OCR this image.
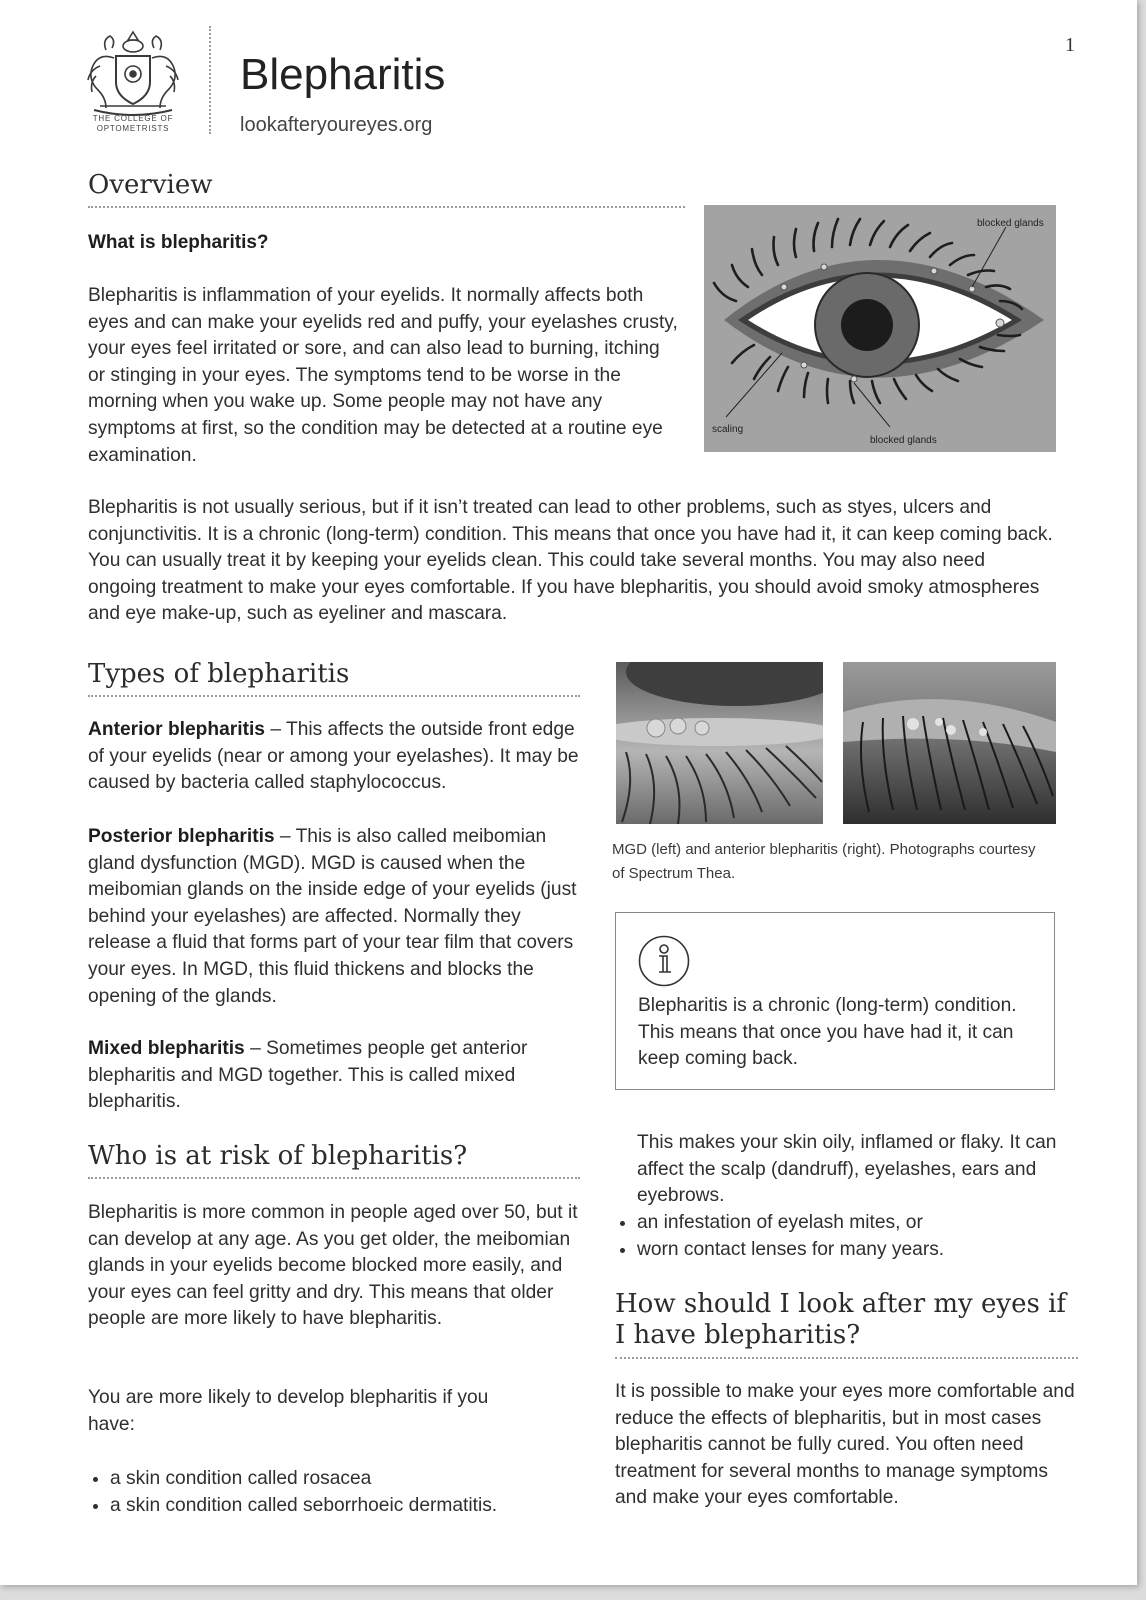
1
THE COLLEGE OF
OPTOMETRISTS
Blepharitis
lookafteryoureyes.org
Overview
What is blepharitis?

Blepharitis is inflammation of your eyelids. It normally affects both eyes and can make your eyelids red and puffy, your eyelashes crusty, your eyes feel irritated or sore, and can also lead to burning, itching or stinging in your eyes. The symptoms tend to be worse in the morning when you wake up. Some people may not have any symptoms at first, so the condition may be detected at a routine eye examination.

blocked glands
scaling
blocked glands

Blepharitis is not usually serious, but if it isn’t treated can lead to other problems, such as styes, ulcers and conjunctivitis. It is a chronic (long-term) condition. This means that once you have had it, it can keep coming back. You can usually treat it by keeping your eyelids clean. This could take several months. You may also need ongoing treatment to make your eyes comfortable. If you have blepharitis, you should avoid smoky atmospheres and eye make-up, such as eyeliner and mascara.

Types of blepharitis

Anterior blepharitis – This affects the outside front edge of your eyelids (near or among your eyelashes). It may be caused by bacteria called staphylococcus.

Posterior blepharitis – This is also called meibomian gland dysfunction (MGD). MGD is caused when the meibomian glands on the inside edge of your eyelids (just behind your eyelashes) are affected. Normally they release a fluid that forms part of your tear film that covers your eyes. In MGD, this fluid thickens and blocks the opening of the glands.

Mixed blepharitis – Sometimes people get anterior blepharitis and MGD together. This is called mixed blepharitis.

MGD (left) and anterior blepharitis (right). Photographs courtesy of Spectrum Thea.

Blepharitis is a chronic (long-term) condition. This means that once you have had it, it can keep coming back.

Who is at risk of blepharitis?

Blepharitis is more common in people aged over 50, but it can develop at any age. As you get older, the meibomian glands in your eyelids become blocked more easily, and your eyes can feel gritty and dry. This means that older people are more likely to have blepharitis.

You are more likely to develop blepharitis if you have:

• a skin condition called rosacea
• a skin condition called seborrhoeic dermatitis.

This makes your skin oily, inflamed or flaky. It can affect the scalp (dandruff), eyelashes, ears and eyebrows.

• an infestation of eyelash mites, or
• worn contact lenses for many years.
How should I look after my eyes if I have blepharitis?

It is possible to make your eyes more comfortable and reduce the effects of blepharitis, but in most cases blepharitis cannot be fully cured. You often need treatment for several months to manage symptoms and make your eyes comfortable.
